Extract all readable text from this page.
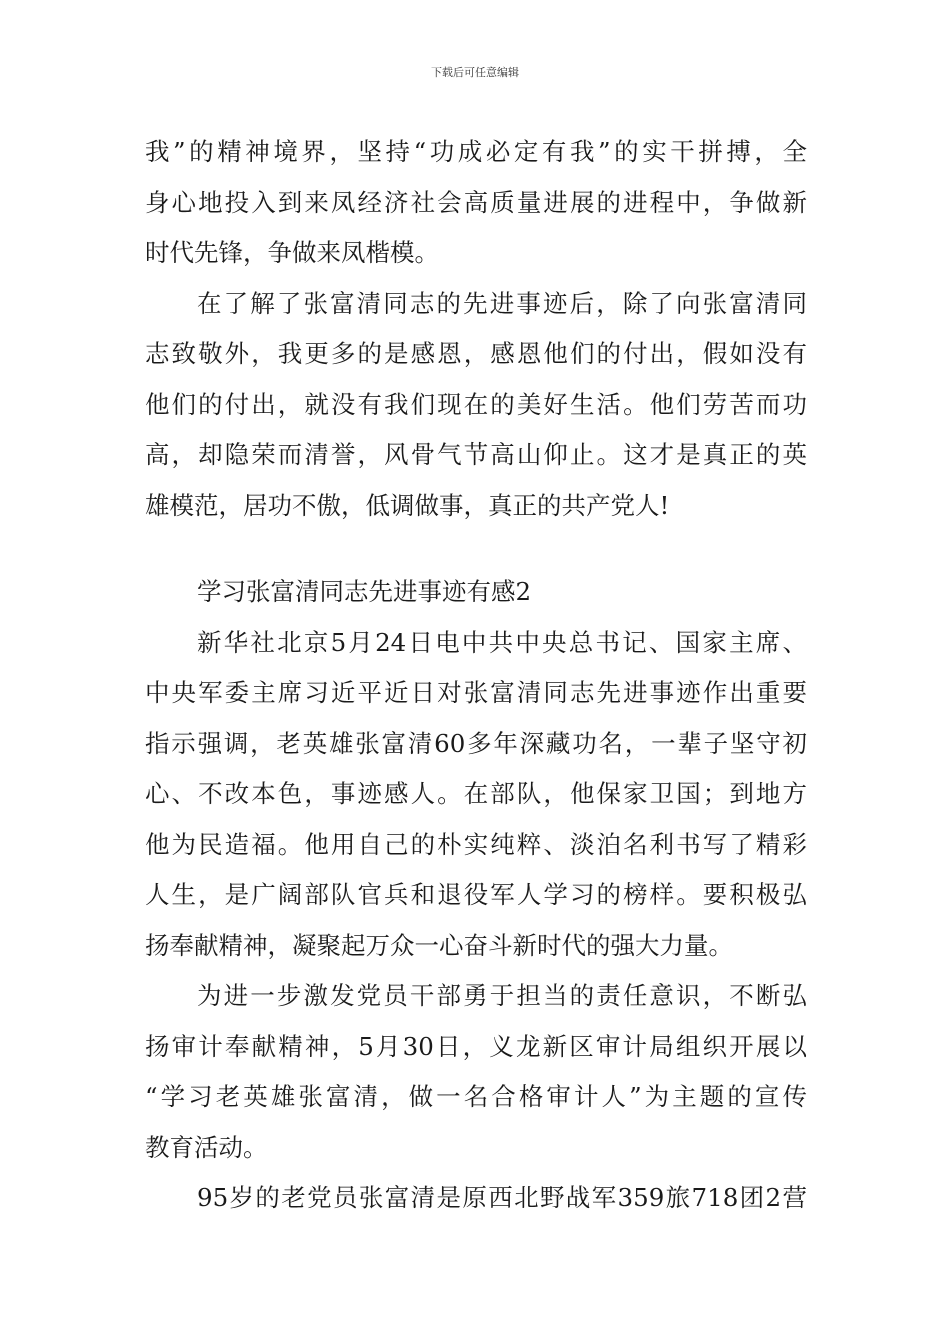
下载后可任意编辑
我”的精神境界，坚持“功成必定有我”的实干拼搏，全
身心地投入到来凤经济社会高质量进展的进程中，争做新
时代先锋，争做来凤楷模。
在了解了张富清同志的先进事迹后，除了向张富清同
志致敬外，我更多的是感恩，感恩他们的付出，假如没有
他们的付出，就没有我们现在的美好生活。他们劳苦而功
高，却隐荣而清誉，风骨气节高山仰止。这才是真正的英
雄模范，居功不傲，低调做事，真正的共产党人!
学习张富清同志先进事迹有感2
新华社北京5月24日电中共中央总书记、国家主席、
中央军委主席习近平近日对张富清同志先进事迹作出重要
指示强调，老英雄张富清60多年深藏功名，一辈子坚守初
心、不改本色，事迹感人。在部队，他保家卫国；到地方
他为民造福。他用自己的朴实纯粹、淡泊名利书写了精彩
人生，是广阔部队官兵和退役军人学习的榜样。要积极弘
扬奉献精神，凝聚起万众一心奋斗新时代的强大力量。
为进一步激发党员干部勇于担当的责任意识，不断弘
扬审计奉献精神，5月30日，义龙新区审计局组织开展以
“学习老英雄张富清，做一名合格审计人”为主题的宣传
教育活动。
95岁的老党员张富清是原西北野战军359旅718团2营
